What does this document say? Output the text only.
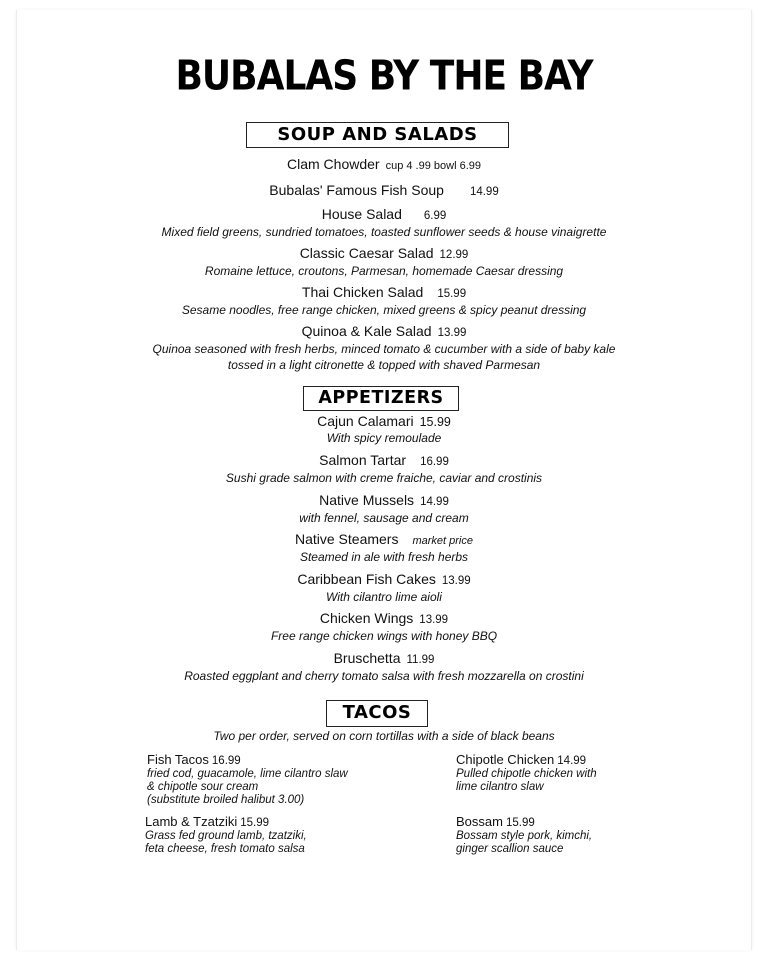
BUBALAS BY THE BAY
SOUP AND SALADS
Clam Chowder cup 4 .99 bowl 6.99
Bubalas' Famous Fish Soup 14.99
House Salad 6.99
Mixed field greens, sundried tomatoes, toasted sunflower seeds & house vinaigrette
Classic Caesar Salad 12.99
Romaine lettuce, croutons, Parmesan, homemade Caesar dressing
Thai Chicken Salad 15.99
Sesame noodles, free range chicken, mixed greens & spicy peanut dressing
Quinoa & Kale Salad 13.99
Quinoa seasoned with fresh herbs, minced tomato & cucumber with a side of baby kale
tossed in a light citronette & topped with shaved Parmesan
APPETIZERS
Cajun Calamari 15.99
With spicy remoulade
Salmon Tartar 16.99
Sushi grade salmon with creme fraiche, caviar and crostinis
Native Mussels 14.99
with fennel, sausage and cream
Native Steamers market price
Steamed in ale with fresh herbs
Caribbean Fish Cakes 13.99
With cilantro lime aioli
Chicken Wings 13.99
Free range chicken wings with honey BBQ
Bruschetta 11.99
Roasted eggplant and cherry tomato salsa with fresh mozzarella on crostini
TACOS
Two per order, served on corn tortillas with a side of black beans
Fish Tacos 16.99
fried cod, guacamole, lime cilantro slaw
& chipotle sour cream
(substitute broiled halibut 3.00)
Chipotle Chicken 14.99
Pulled chipotle chicken with
lime cilantro slaw
Lamb & Tzatziki 15.99
Grass fed ground lamb, tzatziki,
feta cheese, fresh tomato salsa
Bossam 15.99
Bossam style pork, kimchi,
ginger scallion sauce
